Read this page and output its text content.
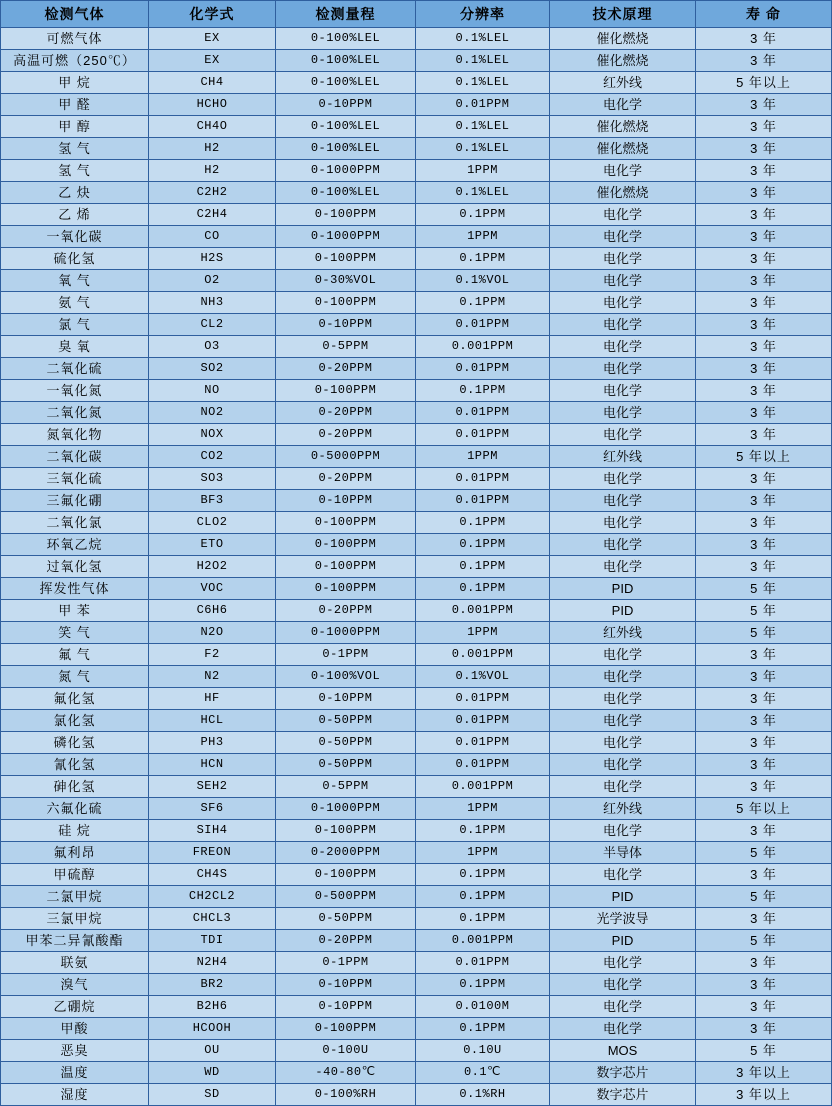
检测气体	化学式	检测量程	分辨率	技术原理	寿 命
可燃气体	EX	0-100%LEL	0.1%LEL	催化燃烧	3 年
高温可燃（250℃）	EX	0-100%LEL	0.1%LEL	催化燃烧	3 年
甲 烷	CH4	0-100%LEL	0.1%LEL	红外线	5 年以上
甲 醛	HCHO	0-10PPM	0.01PPM	电化学	3 年
甲 醇	CH4O	0-100%LEL	0.1%LEL	催化燃烧	3 年
氢 气	H2	0-100%LEL	0.1%LEL	催化燃烧	3 年
氢 气	H2	0-1000PPM	1PPM	电化学	3 年
乙 炔	C2H2	0-100%LEL	0.1%LEL	催化燃烧	3 年
乙 烯	C2H4	0-100PPM	0.1PPM	电化学	3 年
一氧化碳	CO	0-1000PPM	1PPM	电化学	3 年
硫化氢	H2S	0-100PPM	0.1PPM	电化学	3 年
氧 气	O2	0-30%VOL	0.1%VOL	电化学	3 年
氨 气	NH3	0-100PPM	0.1PPM	电化学	3 年
氯 气	CL2	0-10PPM	0.01PPM	电化学	3 年
臭 氧	O3	0-5PPM	0.001PPM	电化学	3 年
二氧化硫	SO2	0-20PPM	0.01PPM	电化学	3 年
一氧化氮	NO	0-100PPM	0.1PPM	电化学	3 年
二氧化氮	NO2	0-20PPM	0.01PPM	电化学	3 年
氮氧化物	NOX	0-20PPM	0.01PPM	电化学	3 年
二氧化碳	CO2	0-5000PPM	1PPM	红外线	5 年以上
三氧化硫	SO3	0-20PPM	0.01PPM	电化学	3 年
三氟化硼	BF3	0-10PPM	0.01PPM	电化学	3 年
二氧化氯	CLO2	0-100PPM	0.1PPM	电化学	3 年
环氧乙烷	ETO	0-100PPM	0.1PPM	电化学	3 年
过氧化氢	H2O2	0-100PPM	0.1PPM	电化学	3 年
挥发性气体	VOC	0-100PPM	0.1PPM	PID	5 年
甲 苯	C6H6	0-20PPM	0.001PPM	PID	5 年
笑 气	N2O	0-1000PPM	1PPM	红外线	5 年
氟 气	F2	0-1PPM	0.001PPM	电化学	3 年
氮 气	N2	0-100%VOL	0.1%VOL	电化学	3 年
氟化氢	HF	0-10PPM	0.01PPM	电化学	3 年
氯化氢	HCL	0-50PPM	0.01PPM	电化学	3 年
磷化氢	PH3	0-50PPM	0.01PPM	电化学	3 年
氰化氢	HCN	0-50PPM	0.01PPM	电化学	3 年
砷化氢	SEH2	0-5PPM	0.001PPM	电化学	3 年
六氟化硫	SF6	0-1000PPM	1PPM	红外线	5 年以上
硅 烷	SIH4	0-100PPM	0.1PPM	电化学	3 年
氟利昂	FREON	0-2000PPM	1PPM	半导体	5 年
甲硫醇	CH4S	0-100PPM	0.1PPM	电化学	3 年
二氯甲烷	CH2CL2	0-500PPM	0.1PPM	PID	5 年
三氯甲烷	CHCL3	0-50PPM	0.1PPM	光学波导	3 年
甲苯二异氰酸酯	TDI	0-20PPM	0.001PPM	PID	5 年
联氨	N2H4	0-1PPM	0.01PPM	电化学	3 年
溴气	BR2	0-10PPM	0.1PPM	电化学	3 年
乙硼烷	B2H6	0-10PPM	0.0100M	电化学	3 年
甲酸	HCOOH	0-100PPM	0.1PPM	电化学	3 年
恶臭	OU	0-100U	0.10U	MOS	5 年
温度	WD	-40-80℃	0.1℃	数字芯片	3 年以上
湿度	SD	0-100%RH	0.1%RH	数字芯片	3 年以上
